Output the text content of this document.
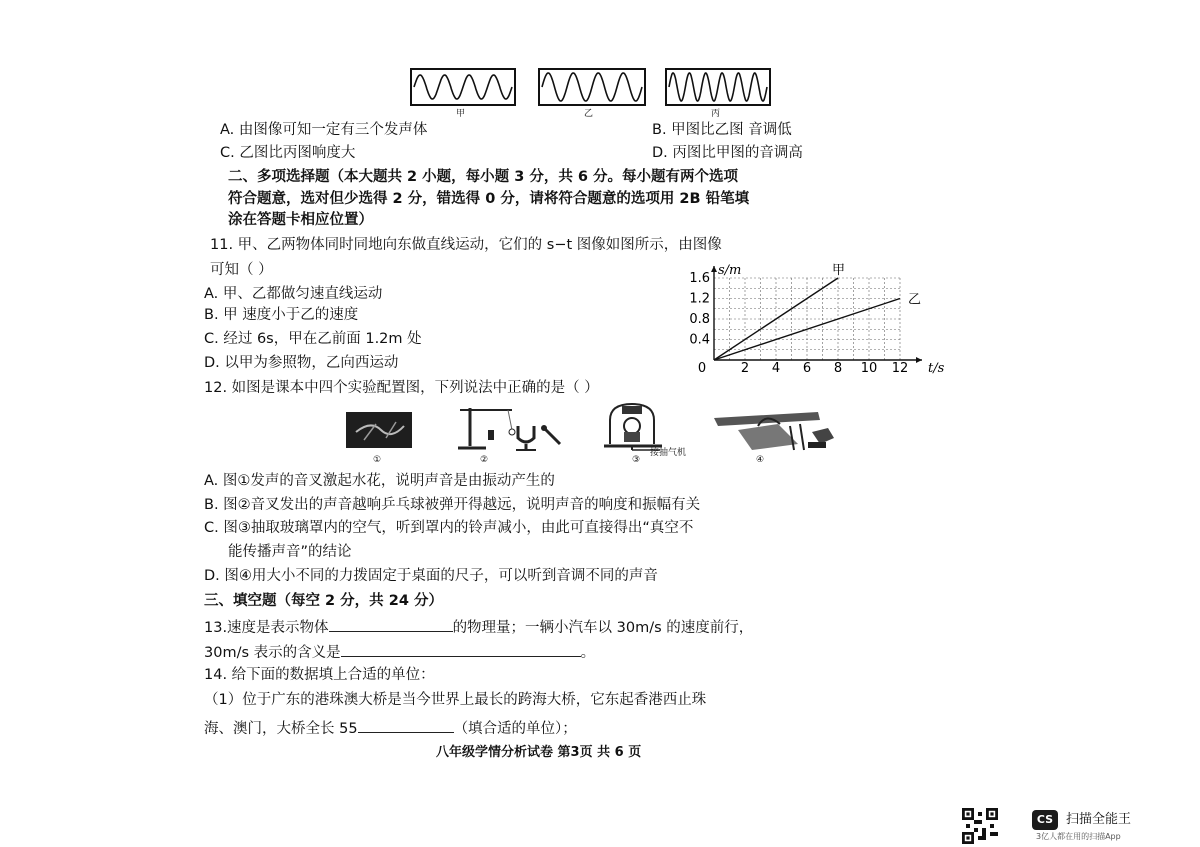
甲	乙	丙
A. 由图像可知一定有三个发声体	B. 甲图比乙图 音调低
C. 乙图比丙图响度大	D. 丙图比甲图的音调高
二、多项选择题（本大题共 2 小题，每小题 3 分，共 6 分。每小题有两个选项
符合题意，选对但少选得 2 分，错选得 0 分，请将符合题意的选项用 2B 铅笔填
涂在答题卡相应位置）
11. 甲、乙两物体同时同地向东做直线运动，它们的 s−t 图像如图所示，由图像
可知（ ）
A. 甲、乙都做匀速直线运动
B. 甲 速度小于乙的速度
C. 经过 6s，甲在乙前面 1.2m 处
D. 以甲为参照物，乙向西运动	0	2 4 6 8 10 12
0.4
0.8
1.2
1.6
t/s
s/m	甲
乙
12. 如图是课本中四个实验配置图，下列说法中正确的是（ ）
①	②
接抽气机
③	④
A. 图①发声的音叉激起水花，说明声音是由振动产生的
B. 图②音叉发出的声音越响乒乓球被弹开得越远，说明声音的响度和振幅有关
C. 图③抽取玻璃罩内的空气，听到罩内的铃声减小，由此可直接得出“真空不
能传播声音”的结论
D. 图④用大小不同的力拨固定于桌面的尺子，可以听到音调不同的声音
三、填空题（每空 2 分，共 24 分）
13.速度是表示物体	的物理量；一辆小汽车以 30m/s 的速度前行，
30m/s 表示的含义是	。
14. 给下面的数据填上合适的单位：
（1）位于广东的港珠澳大桥是当今世界上最长的跨海大桥，它东起香港西止珠
海、澳门，大桥全长 55	（填合适的单位）；
八年级学情分析试卷 第3页 共 6 页
CS 扫描全能王
3亿人都在用的扫描App
